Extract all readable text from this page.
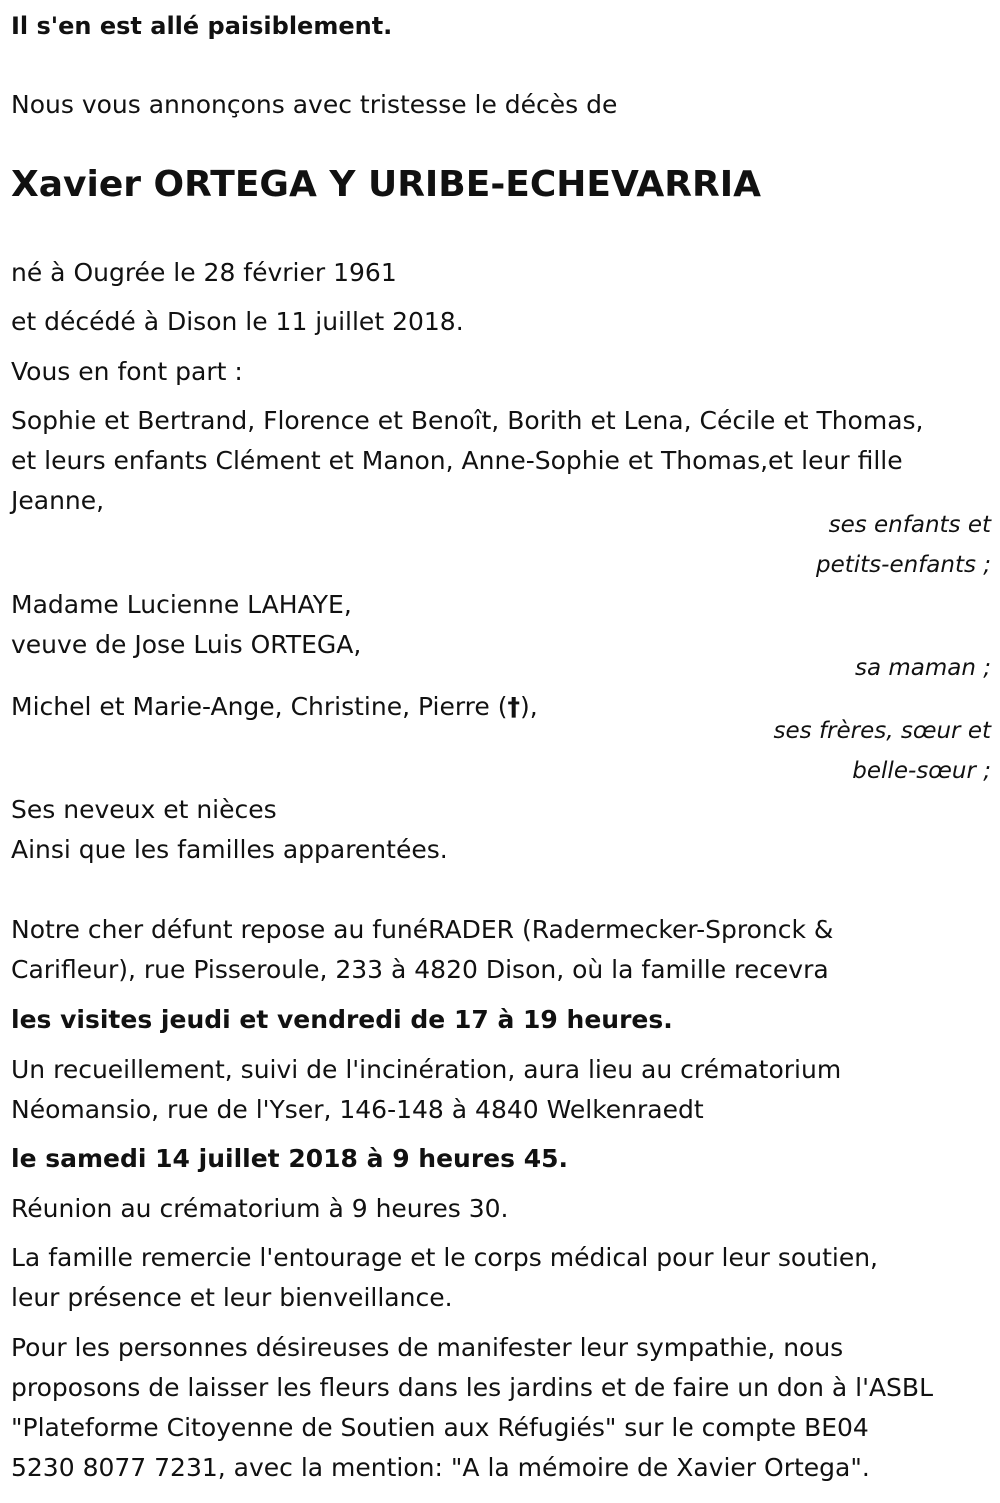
Il s'en est allé paisiblement.

Nous vous annonçons avec tristesse le décès de

Xavier ORTEGA Y URIBE-ECHEVARRIA

né à Ougrée le 28 février 1961

et décédé à Dison le 11 juillet 2018.

Vous en font part :

Sophie et Bertrand, Florence et Benoît, Borith et Lena, Cécile et Thomas,

et leurs enfants Clément et Manon, Anne-Sophie et Thomas,et leur fille

Jeanne,

ses enfants et

petits-enfants ;

Madame Lucienne LAHAYE,

veuve de Jose Luis ORTEGA,

sa maman ;

Michel et Marie-Ange, Christine, Pierre (†),

ses frères, sœur et

belle-sœur ;

Ses neveux et nièces

Ainsi que les familles apparentées.

Notre cher défunt repose au funéRADER (Radermecker-Spronck &

Carifleur), rue Pisseroule, 233 à 4820 Dison, où la famille recevra

les visites jeudi et vendredi de 17 à 19 heures.

Un recueillement, suivi de l'incinération, aura lieu au crématorium

Néomansio, rue de l'Yser, 146-148 à 4840 Welkenraedt

le samedi 14 juillet 2018 à 9 heures 45.

Réunion au crématorium à 9 heures 30.

La famille remercie l'entourage et le corps médical pour leur soutien,

leur présence et leur bienveillance.

Pour les personnes désireuses de manifester leur sympathie, nous

proposons de laisser les fleurs dans les jardins et de faire un don à l'ASBL

"Plateforme Citoyenne de Soutien aux Réfugiés" sur le compte BE04

5230 8077 7231, avec la mention: "A la mémoire de Xavier Ortega".
